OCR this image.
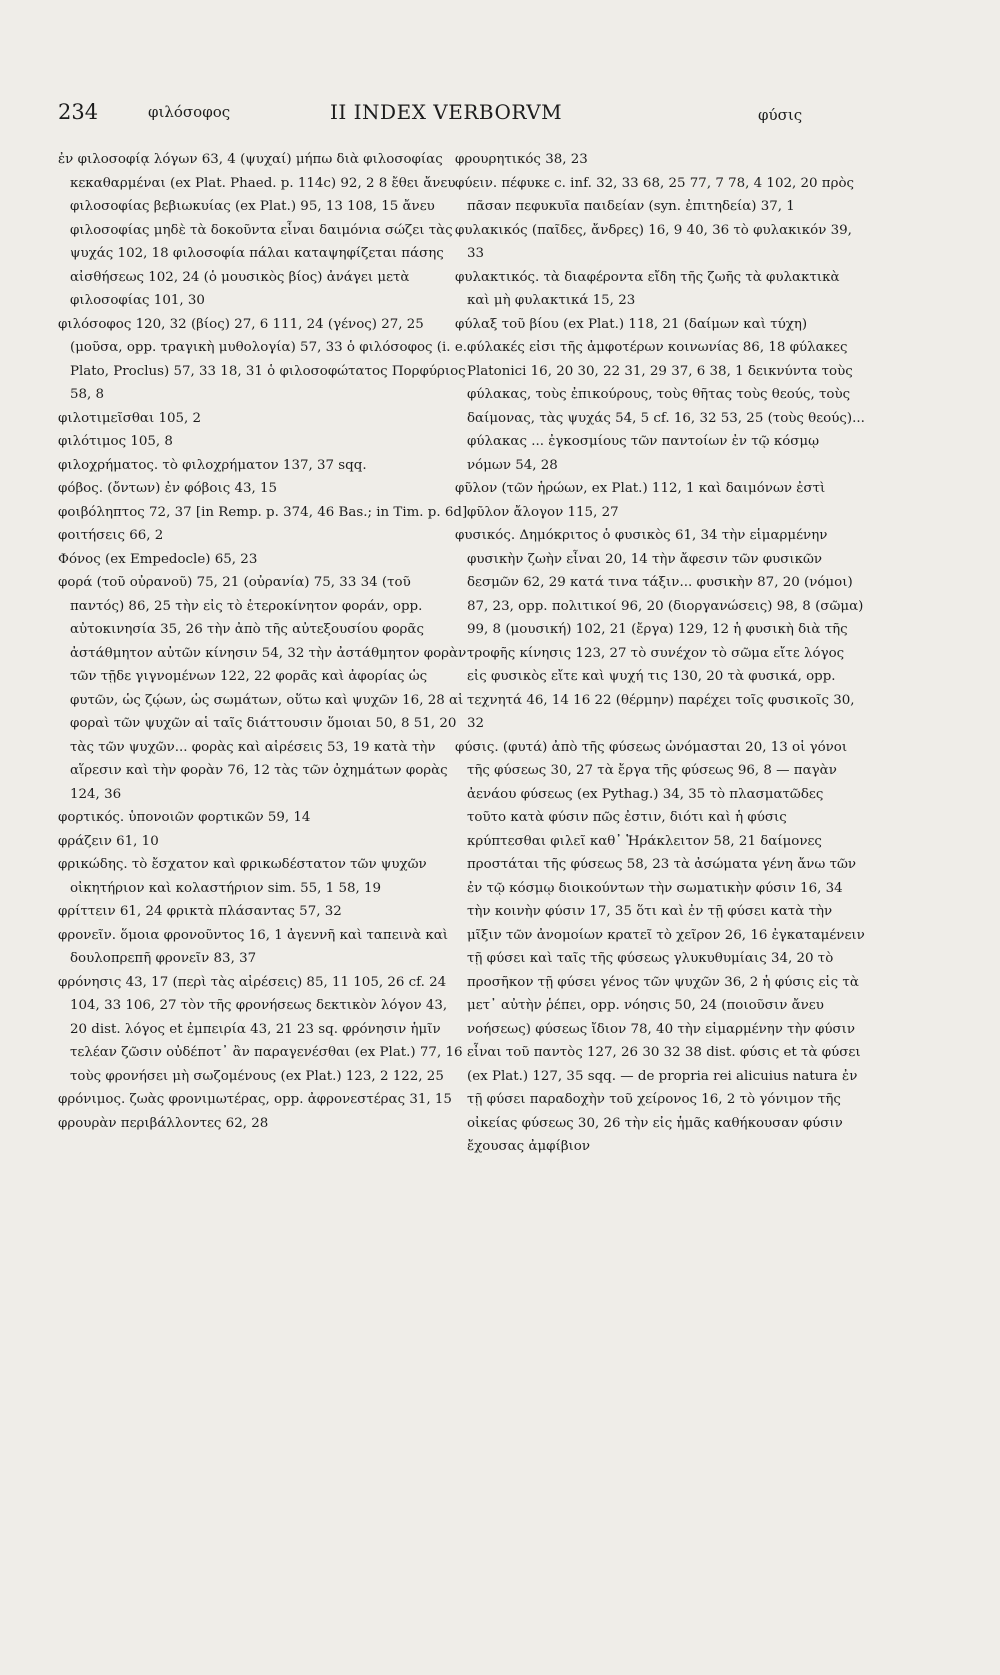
234	φιλόσοφος	II INDEX VERBORVM	φύσις

ἐν φιλοσοφίᾳ λόγων 63, 4 (ψυχαί) μήπω διὰ φιλοσοφίας κεκαθαρμέναι (ex Plat. Phaed. p. 114c) 92, 2 8 ἔθει ἄνευ φιλοσοφίας βεβιωκυίας (ex Plat.) 95, 13 108, 15 ἄνευ φιλοσοφίας μηδὲ τὰ δοκοῦντα εἶναι δαιμόνια σώζει τὰς ψυχάς 102, 18 φιλοσοφία πάλαι καταψηφίζεται πάσης αἰσθήσεως 102, 24 (ὁ μουσικὸς βίος) ἀνάγει μετὰ φιλοσοφίας 101, 30

φιλόσοφος 120, 32 (βίος) 27, 6 111, 24 (γένος) 27, 25 (μοῦσα, opp. τραγικὴ μυθολογία) 57, 33 ὁ φιλόσοφος (i. e. Plato, Proclus) 57, 33 18, 31 ὁ φιλοσοφώτατος Πορφύριος 58, 8

φιλοτιμεῖσθαι 105, 2

φιλότιμος 105, 8

φιλοχρήματος. τὸ φιλοχρήματον 137, 37 sqq.

φόβος. (ὄντων) ἐν φόβοις 43, 15

φοιβόληπτος 72, 37 [in Remp. p. 374, 46 Bas.; in Tim. p. 6d]

φοιτήσεις 66, 2

Φόνος (ex Empedocle) 65, 23

φορά (τοῦ οὐρανοῦ) 75, 21 (οὐρανία) 75, 33 34 (τοῦ παντός) 86, 25 τὴν εἰς τὸ ἑτεροκίνητον φοράν, opp. αὐτοκινησία 35, 26 τὴν ἀπὸ τῆς αὐτεξουσίου φορᾶς ἀστάθμητον αὐτῶν κίνησιν 54, 32 τὴν ἀστάθμητον φορὰν τῶν τῇδε γιγνομένων 122, 22 φορᾶς καὶ ἀφορίας ὡς φυτῶν, ὡς ζῴων, ὡς σωμάτων, οὕτω καὶ ψυχῶν 16, 28 αἱ φοραὶ τῶν ψυχῶν αἱ ταῖς διάττουσιν ὅμοιαι 50, 8 51, 20 τὰς τῶν ψυχῶν... φορὰς καὶ αἱρέσεις 53, 19 κατὰ τὴν αἵρεσιν καὶ τὴν φορὰν 76, 12 τὰς τῶν ὀχημάτων φορὰς 124, 36

φορτικός. ὑπονοιῶν φορτικῶν 59, 14

φράζειν 61, 10

φρικώδης. τὸ ἔσχατον καὶ φρικωδέστατον τῶν ψυχῶν οἰκητήριον καὶ κολαστήριον sim. 55, 1 58, 19

φρίττειν 61, 24 φρικτὰ πλάσαντας 57, 32

φρονεῖν. ὅμοια φρονοῦντος 16, 1 ἀγεννῆ καὶ ταπεινὰ καὶ δουλοπρεπῆ φρονεῖν 83, 37

φρόνησις 43, 17 (περὶ τὰς αἱρέσεις) 85, 11 105, 26 cf. 24 104, 33 106, 27 τὸν τῆς φρονήσεως δεκτικὸν λόγον 43, 20 dist. λόγος et ἐμπειρία 43, 21 23 sq. φρόνησιν ἡμῖν τελέαν ζῶσιν οὐδέποτ᾽ ἂν παραγενέσθαι (ex Plat.) 77, 16 τοὺς φρονήσει μὴ σωζομένους (ex Plat.) 123, 2 122, 25

φρόνιμος. ζωὰς φρονιμωτέρας, opp. ἀφρονεστέρας 31, 15

φρουρὰν περιβάλλοντες 62, 28

φρουρητικός 38, 23

φύειν. πέφυκε c. inf. 32, 33 68, 25 77, 7 78, 4 102, 20 πρὸς πᾶσαν πεφυκυῖα παιδείαν (syn. ἐπιτηδεία) 37, 1

φυλακικός (παῖδες, ἄνδρες) 16, 9 40, 36 τὸ φυλακικόν 39, 33

φυλακτικός. τὰ διαφέροντα εἴδη τῆς ζωῆς τὰ φυλακτικὰ καὶ μὴ φυλακτικά 15, 23

φύλαξ τοῦ βίου (ex Plat.) 118, 21 (δαίμων καὶ τύχη) φύλακές εἰσι τῆς ἀμφοτέρων κοινωνίας 86, 18 φύλακες Platonici 16, 20 30, 22 31, 29 37, 6 38, 1 δεικνύντα τοὺς φύλακας, τοὺς ἐπικούρους, τοὺς θῆτας τοὺς θεούς, τοὺς δαίμονας, τὰς ψυχάς 54, 5 cf. 16, 32 53, 25 (τοὺς θεούς)... φύλακας ... ἐγκοσμίους τῶν παντοίων ἐν τῷ κόσμῳ νόμων 54, 28

φῦλον (τῶν ἡρώων, ex Plat.) 112, 1 καὶ δαιμόνων ἐστὶ φῦλον ἄλογον 115, 27

φυσικός. Δημόκριτος ὁ φυσικὸς 61, 34 τὴν εἱμαρμένην φυσικὴν ζωὴν εἶναι 20, 14 τὴν ἄφεσιν τῶν φυσικῶν δεσμῶν 62, 29 κατά τινα τάξιν... φυσικὴν 87, 20 (νόμοι) 87, 23, opp. πολιτικοί 96, 20 (διοργανώσεις) 98, 8 (σῶμα) 99, 8 (μουσική) 102, 21 (ἔργα) 129, 12 ἡ φυσικὴ διὰ τῆς τροφῆς κίνησις 123, 27 τὸ συνέχον τὸ σῶμα εἴτε λόγος εἰς φυσικὸς εἴτε καὶ ψυχή τις 130, 20 τὰ φυσικά, opp. τεχνητά 46, 14 16 22 (θέρμην) παρέχει τοῖς φυσικοῖς 30, 32

φύσις. (φυτά) ἀπὸ τῆς φύσεως ὠνόμασται 20, 13 οἱ γόνοι τῆς φύσεως 30, 27 τὰ ἔργα τῆς φύσεως 96, 8 — παγὰν ἀενάου φύσεως (ex Pythag.) 34, 35 τὸ πλασματῶδες τοῦτο κατὰ φύσιν πῶς ἐστιν, διότι καὶ ἡ φύσις κρύπτεσθαι φιλεῖ καθ᾽ Ἡράκλειτον 58, 21 δαίμονες προστάται τῆς φύσεως 58, 23 τὰ ἀσώματα γένη ἄνω τῶν ἐν τῷ κόσμῳ διοικούντων τὴν σωματικὴν φύσιν 16, 34 τὴν κοινὴν φύσιν 17, 35 ὅτι καὶ ἐν τῇ φύσει κατὰ τὴν μῖξιν τῶν ἀνομοίων κρατεῖ τὸ χεῖρον 26, 16 ἐγκαταμένειν τῇ φύσει καὶ ταῖς τῆς φύσεως γλυκυθυμίαις 34, 20 τὸ προσῆκον τῇ φύσει γένος τῶν ψυχῶν 36, 2 ἡ φύσις εἰς τὰ μετ᾽ αὐτὴν ῥέπει, opp. νόησις 50, 24 (ποιοῦσιν ἄνευ νοήσεως) φύσεως ἴδιον 78, 40 τὴν εἱμαρμένην τὴν φύσιν εἶναι τοῦ παντὸς 127, 26 30 32 38 dist. φύσις et τὰ φύσει (ex Plat.) 127, 35 sqq. — de propria rei alicuius natura ἐν τῇ φύσει παραδοχὴν τοῦ χείρονος 16, 2 τὸ γόνιμον τῆς οἰκείας φύσεως 30, 26 τὴν εἰς ἡμᾶς καθήκουσαν φύσιν ἔχουσας ἀμφίβιον
